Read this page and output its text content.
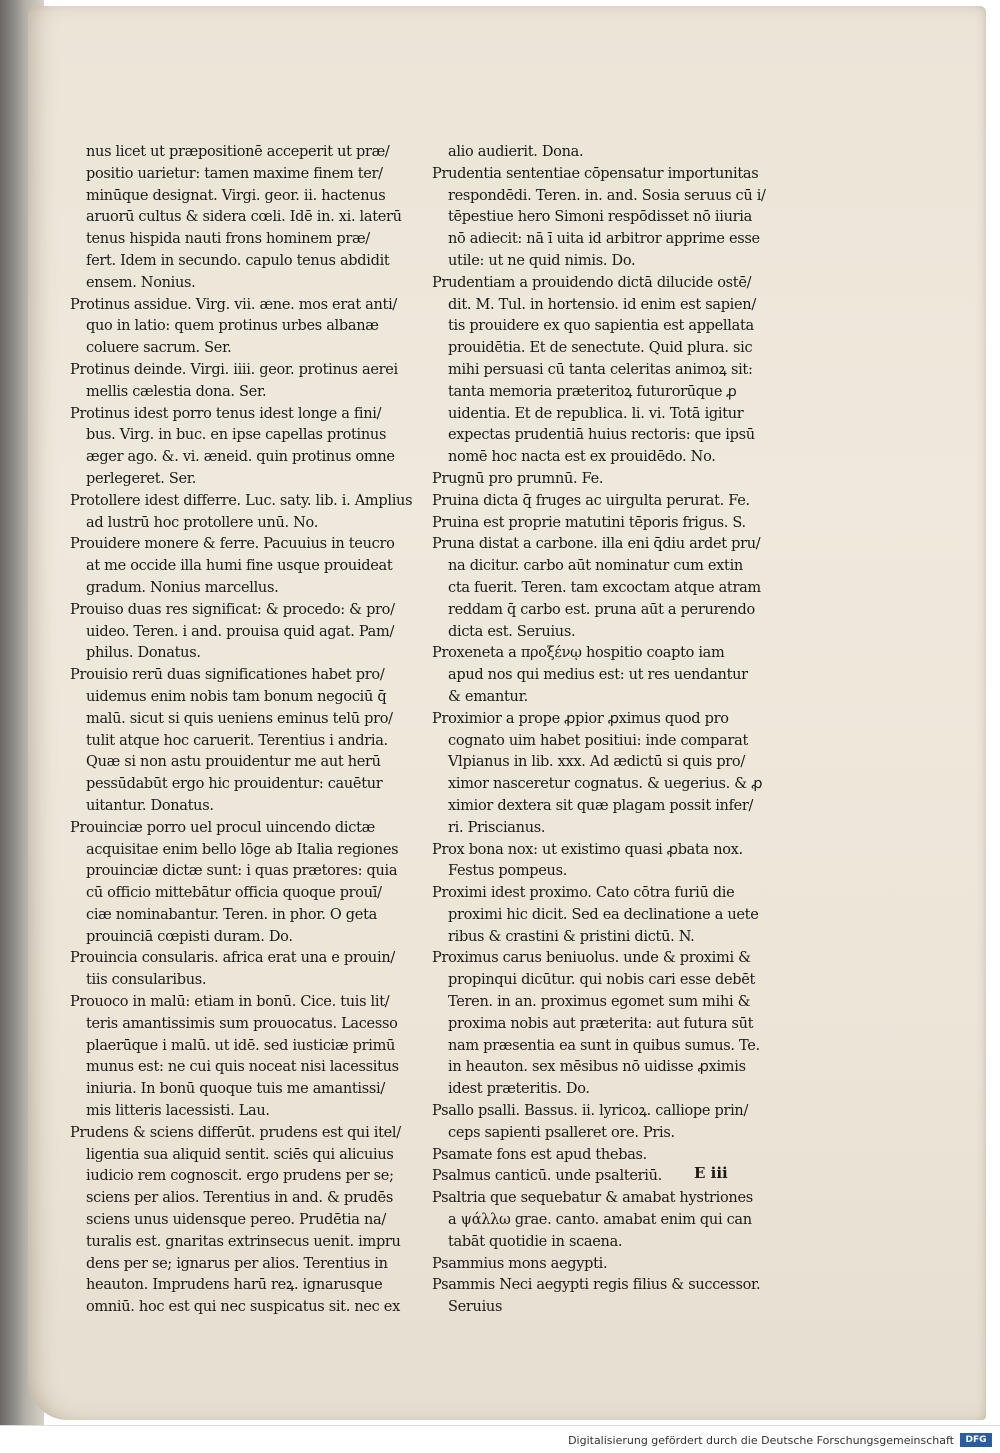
nus licet ut præpositionē acceperit ut præ/
positio uarietur: tamen maxime finem ter/
minūque designat. Virgi. geor. ii. hactenus
aruorū cultus & sidera cœli. Idē in. xi. laterū
tenus hispida nauti frons hominem præ/
fert. Idem in secundo. capulo tenus abdidit
ensem. Nonius.
Protinus assidue. Virg. vii. æne. mos erat anti/
quo in latio: quem protinus urbes albanæ
coluere sacrum. Ser.
Protinus deinde. Virgi. iiii. geor. protinus aerei
mellis cælestia dona. Ser.
Protinus idest porro tenus idest longe a fini/
bus. Virg. in buc. en ipse capellas protinus
æger ago. &. vi. æneid. quin protinus omne
perlegeret. Ser.
Protollere idest differre. Luc. saty. lib. i. Amplius
ad lustrū hoc protollere unū. No.
Prouidere monere & ferre. Pacuuius in teucro
at me occide illa humi fine usque prouideat
gradum. Nonius marcellus.
Prouiso duas res significat: & procedo: & pro/
uideo. Teren. i and. prouisa quid agat. Pam/
philus. Donatus.
Prouisio rerū duas significationes habet pro/
uidemus enim nobis tam bonum negociū q̄
malū. sicut si quis ueniens eminus telū pro/
tulit atque hoc caruerit. Terentius i andria.
Quæ si non astu prouidentur me aut herū
pessūdabūt ergo hic prouidentur: cauētur
uitantur. Donatus.
Prouinciæ porro uel procul uincendo dictæ
acquisitae enim bello lōge ab Italia regiones
prouinciæ dictæ sunt: i quas prætores: quia
cū officio mittebātur officia quoque prouī/
ciæ nominabantur. Teren. in phor. O geta
prouinciā cœpisti duram. Do.
Prouincia consularis. africa erat una e prouin/
tiis consularibus.
Prouoco in malū: etiam in bonū. Cice. tuis lit/
teris amantissimis sum prouocatus. Lacesso
plaerūque i malū. ut idē. sed iusticiæ primū
munus est: ne cui quis noceat nisi lacessitus
iniuria. In bonū quoque tuis me amantissi/
mis litteris lacessisti. Lau.
Prudens & sciens differūt. prudens est qui itel/
ligentia sua aliquid sentit. sciēs qui alicuius
iudicio rem cognoscit. ergo prudens per se;
sciens per alios. Terentius in and. & prudēs
sciens unus uidensque pereo. Prudētia na/
turalis est. gnaritas extrinsecus uenit. impru
dens per se; ignarus per alios. Terentius in
heauton. Imprudens harū reꝝ. ignarusque
omniū. hoc est qui nec suspicatus sit. nec ex
alio audierit. Dona.
Prudentia sententiae cōpensatur importunitas
respondēdi. Teren. in. and. Sosia seruus cū i/
tēpestiue hero Simoni respōdisset nō iiuria
nō adiecit: nā ī uita id arbitror apprime esse
utile: ut ne quid nimis. Do.
Prudentiam a prouidendo dictā dilucide ostē/
dit. M. Tul. in hortensio. id enim est sapien/
tis prouidere ex quo sapientia est appellata
prouidētia. Et de senectute. Quid plura. sic
mihi persuasi cū tanta celeritas animoꝝ sit:
tanta memoria præteritoꝝ futurorūque ꝓ
uidentia. Et de republica. li. vi. Totā igitur
expectas prudentiā huius rectoris: que ipsū
nomē hoc nacta est ex prouidēdo. No.
Prugnū pro prumnū. Fe.
Pruina dicta q̄ fruges ac uirgulta perurat. Fe.
Pruina est proprie matutini tēporis frigus. S.
Pruna distat a carbone. illa eni q̄diu ardet pru/
na dicitur. carbo aūt nominatur cum extin
cta fuerit. Teren. tam excoctam atque atram
reddam q̄ carbo est. pruna aūt a perurendo
dicta est. Seruius.
Proxeneta a προξένῳ hospitio coapto iam
apud nos qui medius est: ut res uendantur
& emantur.
Proximior a prope ꝓpior ꝓximus quod pro
cognato uim habet positiui: inde comparat
Vlpianus in lib. xxx. Ad ædictū si quis pro/
ximor nasceretur cognatus. & uegerius. & ꝓ
ximior dextera sit quæ plagam possit infer/
ri. Priscianus.
Prox bona nox: ut existimo quasi ꝓbata nox.
Festus pompeus.
Proximi idest proximo. Cato cōtra furiū die
proximi hic dicit. Sed ea declinatione a uete
ribus & crastini & pristini dictū. N.
Proximus carus beniuolus. unde & proximi &
propinqui dicūtur. qui nobis cari esse debēt
Teren. in an. proximus egomet sum mihi &
proxima nobis aut præterita: aut futura sūt
nam præsentia ea sunt in quibus sumus. Te.
in heauton. sex mēsibus nō uidisse ꝓximis
idest præteritis. Do.
Psallo psalli. Bassus. ii. lyricoꝝ. calliope prin/
ceps sapienti psalleret ore. Pris.
Psamate fons est apud thebas.
Psalmus canticū. unde psalteriū.
Psaltria que sequebatur & amabat hystriones
a ψάλλω grae. canto. amabat enim qui can
tabāt quotidie in scaena.
Psammius mons aegypti.
Psammis Neci aegypti regis filius & successor.
Seruius
E iii
Digitalisierung gefördert durch die Deutsche Forschungsgemeinschaft	DFG
